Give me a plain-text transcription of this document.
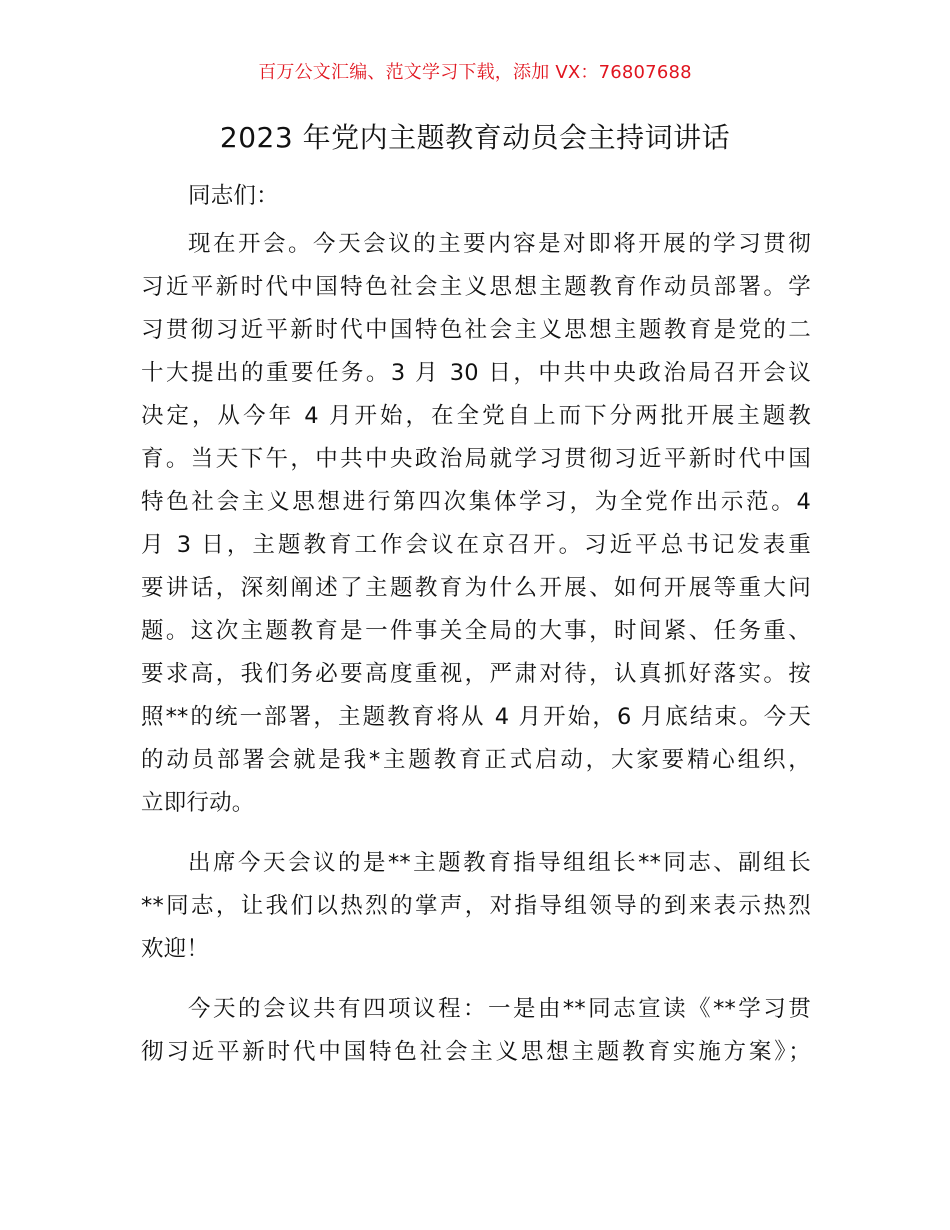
百万公文汇编、范文学习下载，添加 VX：76807688
2023 年党内主题教育动员会主持词讲话
同志们：
现在开会。今天会议的主要内容是对即将开展的学习贯彻
习近平新时代中国特色社会主义思想主题教育作动员部署。学
习贯彻习近平新时代中国特色社会主义思想主题教育是党的二
十大提出的重要任务。3 月 30 日，中共中央政治局召开会议
决定，从今年 4 月开始，在全党自上而下分两批开展主题教
育。当天下午，中共中央政治局就学习贯彻习近平新时代中国
特色社会主义思想进行第四次集体学习，为全党作出示范。4
月 3 日，主题教育工作会议在京召开。习近平总书记发表重
要讲话，深刻阐述了主题教育为什么开展、如何开展等重大问
题。这次主题教育是一件事关全局的大事，时间紧、任务重、
要求高，我们务必要高度重视，严肃对待，认真抓好落实。按
照**的统一部署，主题教育将从 4 月开始，6 月底结束。今天
的动员部署会就是我*主题教育正式启动，大家要精心组织，
立即行动。
出席今天会议的是**主题教育指导组组长**同志、副组长
**同志，让我们以热烈的掌声，对指导组领导的到来表示热烈
欢迎！
今天的会议共有四项议程：一是由**同志宣读《**学习贯
彻习近平新时代中国特色社会主义思想主题教育实施方案》；
